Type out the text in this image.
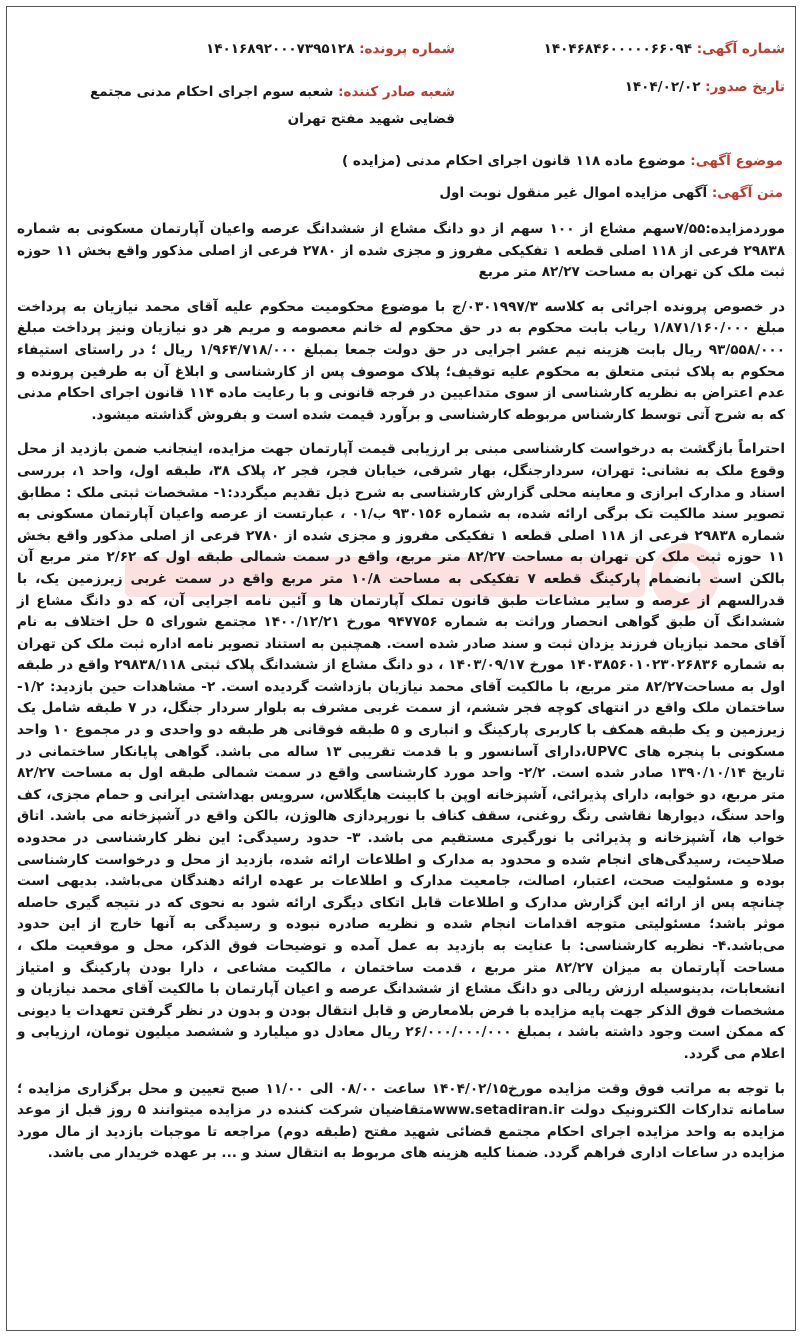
شماره آگهی: ۱۴۰۴۶۸۴۶۰۰۰۰۰۶۶۰۹۴
شماره پرونده: ۱۴۰۱۶۸۹۲۰۰۰۷۳۹۵۱۲۸
تاریخ صدور: ۱۴۰۴/۰۲/۰۲
شعبه صادر کننده: شعبه سوم اجرای احکام مدنی مجتمع قضایی شهید مفتح تهران
موضوع آگهی: موضوع ماده ۱۱۸ قانون اجرای احکام مدنی (مزایده )
متن آگهی: آگهی مزایده اموال غیر منقول نوبت اول

موردمزایده:۷/۵۵سهم مشاع از ۱۰۰ سهم از دو دانگ مشاع از ششدانگ عرصه واعیان آپارتمان مسکونی به شماره ۲۹۸۳۸ فرعی از ۱۱۸ اصلی قطعه ۱ تفکیکی مفروز و مجزی شده از ۲۷۸۰ فرعی از اصلی مذکور واقع بخش ۱۱ حوزه ثبت ملک کن تهران به مساحت ۸۲/۲۷ متر مربع

در خصوص پرونده اجرائی به کلاسه ۰۳۰۱۹۹۷/۳/ج با موضوع محکومیت محکوم علیه آقای محمد نیازیان به پرداخت مبلغ ۱/۸۷۱/۱۶۰/۰۰۰ ریاب بابت محکوم به در حق محکوم له خانم معصومه و مریم هر دو نیازیان ونیز پرداخت مبلغ ۹۳/۵۵۸/۰۰۰ ریال بابت هزینه نیم عشر اجرایی در حق دولت جمعا بمبلغ ۱/۹۶۴/۷۱۸/۰۰۰ ریال ؛ در راستای استیفاء محکوم به پلاک ثبتی متعلق به محکوم علیه توقیف؛ پلاک موصوف پس از کارشناسی و ابلاغ آن به طرفین پرونده و عدم اعتراض به نظریه کارشناسی از سوی متداعیین در فرجه قانونی و با رعایت ماده ۱۱۴ قانون اجرای احکام مدنی که به شرح آتی توسط کارشناس مربوطه کارشناسی و برآورد قیمت شده است و بفروش گذاشته میشود.

احتراماً بازگشت به درخواست کارشناسی مبنی بر ارزیابی قیمت آپارتمان جهت مزایده، اینجانب ضمن بازدید از محل وقوع ملک به نشانی: تهران، سردارجنگل، بهار شرقی، خیابان فجر، فجر ۲، پلاک ۳۸، طبقه اول، واحد ۱، بررسی اسناد و مدارک ابرازی و معاینه محلی گزارش کارشناسی به شرح ذیل تقدیم میگردد:۱- مشخصات ثبتی ملک : مطابق تصویر سند مالکیت تک برگی ارائه شده، به شماره ۹۳۰۱۵۶ ب/۰۱ ، عبارتست از عرصه واعیان آپارتمان مسکونی به شماره ۲۹۸۳۸ فرعی از ۱۱۸ اصلی قطعه ۱ تفکیکی مفروز و مجزی شده از ۲۷۸۰ فرعی از اصلی مذکور واقع بخش ۱۱ حوزه ثبت ملک کن تهران به مساحت ۸۲/۲۷ متر مربع، واقع در سمت شمالی طبقه اول که ۲/۶۲ متر مربع آن بالکن است بانضمام پارکینگ قطعه ۷ تفکیکی به مساحت ۱۰/۸ متر مربع واقع در سمت غربی زیرزمین یک، با قدرالسهم از عرصه و سایر مشاعات طبق قانون تملک آپارتمان ها و آئین نامه اجرایی آن، که دو دانگ مشاع از ششدانگ آن طبق گواهی انحصار وراثت به شماره ۹۴۷۷۵۶ مورخ ۱۴۰۰/۱۲/۲۱ مجتمع شورای ۵ حل اختلاف به نام آقای محمد نیازیان فرزند یزدان ثبت و سند صادر شده است. همچنین به استناد تصویر نامه اداره ثبت ملک کن تهران به شماره ۱۴۰۳۸۵۶۰۱۰۲۳۰۲۶۸۳۶ مورخ ۱۴۰۳/۰۹/۱۷ ، دو دانگ مشاع از ششدانگ پلاک ثبتی ۲۹۸۳۸/۱۱۸ واقع در طبقه اول به مساحت۸۲/۲۷ متر مربع، با مالکیت آقای محمد نیازیان بازداشت گردیده است. ۲- مشاهدات حین بازدید: ۱/۲- ساختمان ملک واقع در انتهای کوچه فجر ششم، از سمت غربی مشرف به بلوار سردار جنگل، در ۷ طبقه شامل یک زیرزمین و یک طبقه همکف با کاربری پارکینگ و انباری و ۵ طبقه فوقانی هر طبقه دو واحدی و در مجموع ۱۰ واحد مسکونی با پنجره های UPVC،دارای آسانسور و با قدمت تقریبی ۱۳ ساله می باشد. گواهی پایانکار ساختمانی در تاریخ ۱۳۹۰/۱۰/۱۴ صادر شده است. ۲/۲- واحد مورد کارشناسی واقع در سمت شمالی طبقه اول به مساحت ۸۲/۲۷ متر مربع، دو خوابه، دارای پذیرائی، آشپزخانه اوپن با کابینت هایگلاس، سرویس بهداشتی ایرانی و حمام مجزی، کف واحد سنگ، دیوارها نقاشی رنگ روغنی، سقف کناف با نورپردازی هالوژن، بالکن واقع در آشپزخانه می باشد. اتاق خواب ها، آشپزخانه و پذیرائی با نورگیری مستقیم می باشد. ۳- حدود رسیدگی: این نظر کارشناسی در محدوده صلاحیت، رسیدگی‌های انجام شده و محدود به مدارک و اطلاعات ارائه شده، بازدید از محل و درخواست کارشناسی بوده و مسئولیت صحت، اعتبار، اصالت، جامعیت مدارک و اطلاعات بر عهده ارائه دهندگان می‌باشد. بدیهی است چنانچه پس از ارائه این گزارش مدارک و اطلاعات قابل اتکای دیگری ارائه شود به نحوی که در نتیجه گیری حاصله موثر باشد؛ مسئولیتی متوجه اقدامات انجام شده و نظریه صادره نبوده و رسیدگی به آنها خارج از این حدود می‌باشد.۴- نظریه کارشناسی: با عنایت به بازدید به عمل آمده و توضیحات فوق الذکر، محل و موقعیت ملک ، مساحت آپارتمان به میزان ۸۲/۲۷ متر مربع ، قدمت ساختمان ، مالکیت مشاعی ، دارا بودن پارکینگ و امتیاز انشعابات، بدینوسیله ارزش ریالی دو دانگ مشاع از ششدانگ عرصه و اعیان آپارتمان با مالکیت آقای محمد نیازیان و مشخصات فوق الذکر جهت پایه مزایده با فرض بلامعارض و قابل انتقال بودن و بدون در نظر گرفتن تعهدات یا دیونی که ممکن است وجود داشته باشد ، بمبلغ ۲۶/۰۰۰/۰۰۰/۰۰۰ ریال معادل دو میلیارد و ششصد میلیون تومان، ارزیابی و اعلام می گردد.

با توجه به مراتب فوق وقت مزایده مورخ۱۴۰۴/۰۲/۱۵ ساعت ۰۸/۰۰ الی ۱۱/۰۰ صبح تعیین و محل برگزاری مزایده ؛سامانه تدارکات الکترونیک دولت www.setadiran.irمتقاضیان شرکت کننده در مزایده میتوانند ۵ روز قبل از موعد مزایده به واحد مزایده اجرای احکام مجتمع قضائی شهید مفتح (طبقه دوم) مراجعه تا موجبات بازدید از مال مورد مزایده در ساعات اداری فراهم گردد. ضمنا کلیه هزینه های مربوط به انتقال سند و ... بر عهده خریدار می باشد.
